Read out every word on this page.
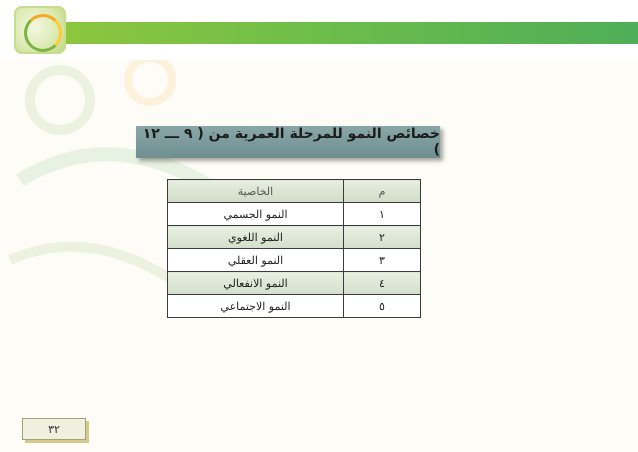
خصائص النمو للمرحلة العمرية من ( ٩ ـــ ١٢ )
م	الخاصية
١	النمو الجسمي
٢	النمو اللغوي
٣	النمو العقلي
٤	النمو الانفعالي
٥	النمو الاجتماعي
٣٢
